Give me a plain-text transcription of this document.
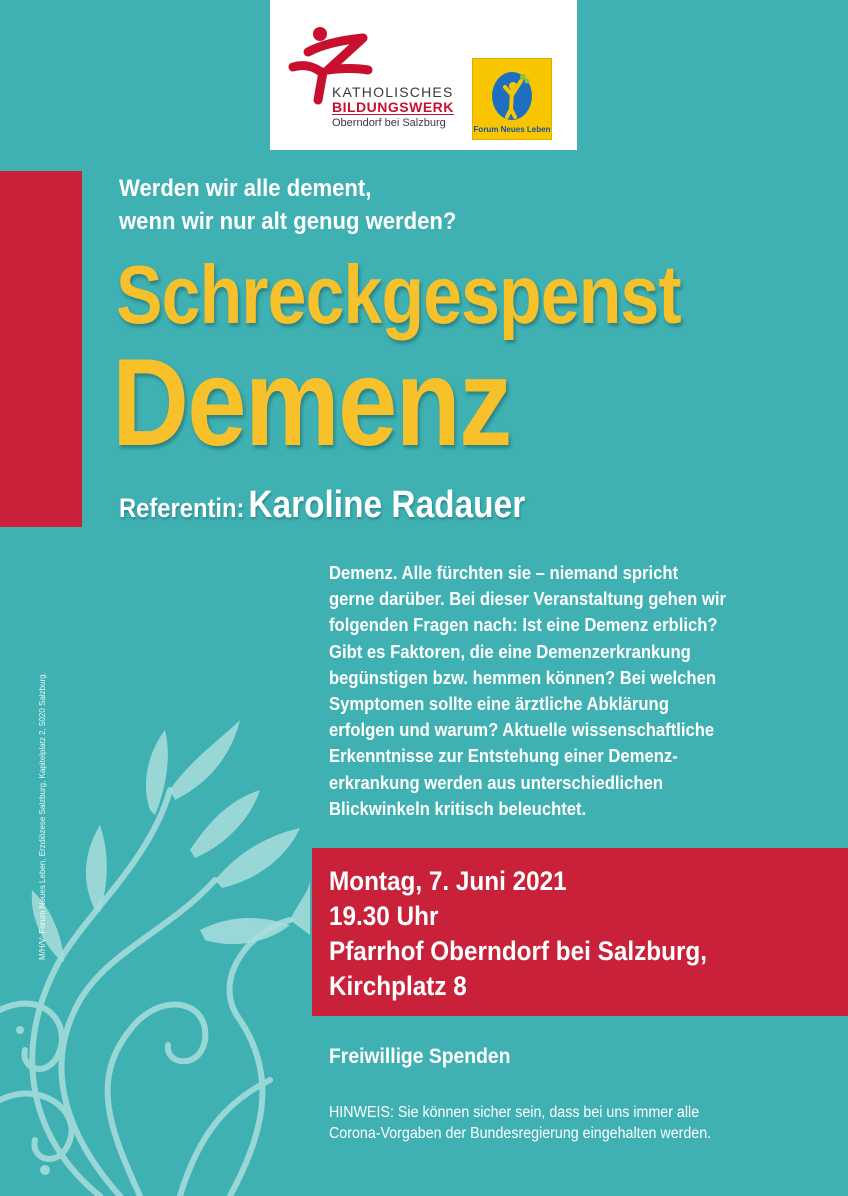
KATHOLISCHES
BILDUNGSWERK
Oberndorf bei Salzburg
Forum Neues Leben
Werden wir alle dement,
wenn wir nur alt genug werden?
Schreckgespenst
Demenz
Referentin: Karoline Radauer
Demenz. Alle fürchten sie – niemand spricht
gerne darüber. Bei dieser Veranstaltung gehen wir
folgenden Fragen nach: Ist eine Demenz erblich?
Gibt es Faktoren, die eine Demenzerkrankung
begünstigen bzw. hemmen können? Bei welchen
Symptomen sollte eine ärztliche Abklärung
erfolgen und warum? Aktuelle wissenschaftliche
Erkenntnisse zur Entstehung einer Demenz-
erkrankung werden aus unterschiedlichen
Blickwinkeln kritisch beleuchtet.
Montag, 7. Juni 2021
19.30 Uhr
Pfarrhof Oberndorf bei Salzburg,
Kirchplatz 8
Freiwillige Spenden
HINWEIS: Sie können sicher sein, dass bei uns immer alle
Corona-Vorgaben der Bundesregierung eingehalten werden.
M/H/V: Forum Neues Leben, Erzdiözese Salzburg, Kapitelplatz 2, 5020 Salzburg.
